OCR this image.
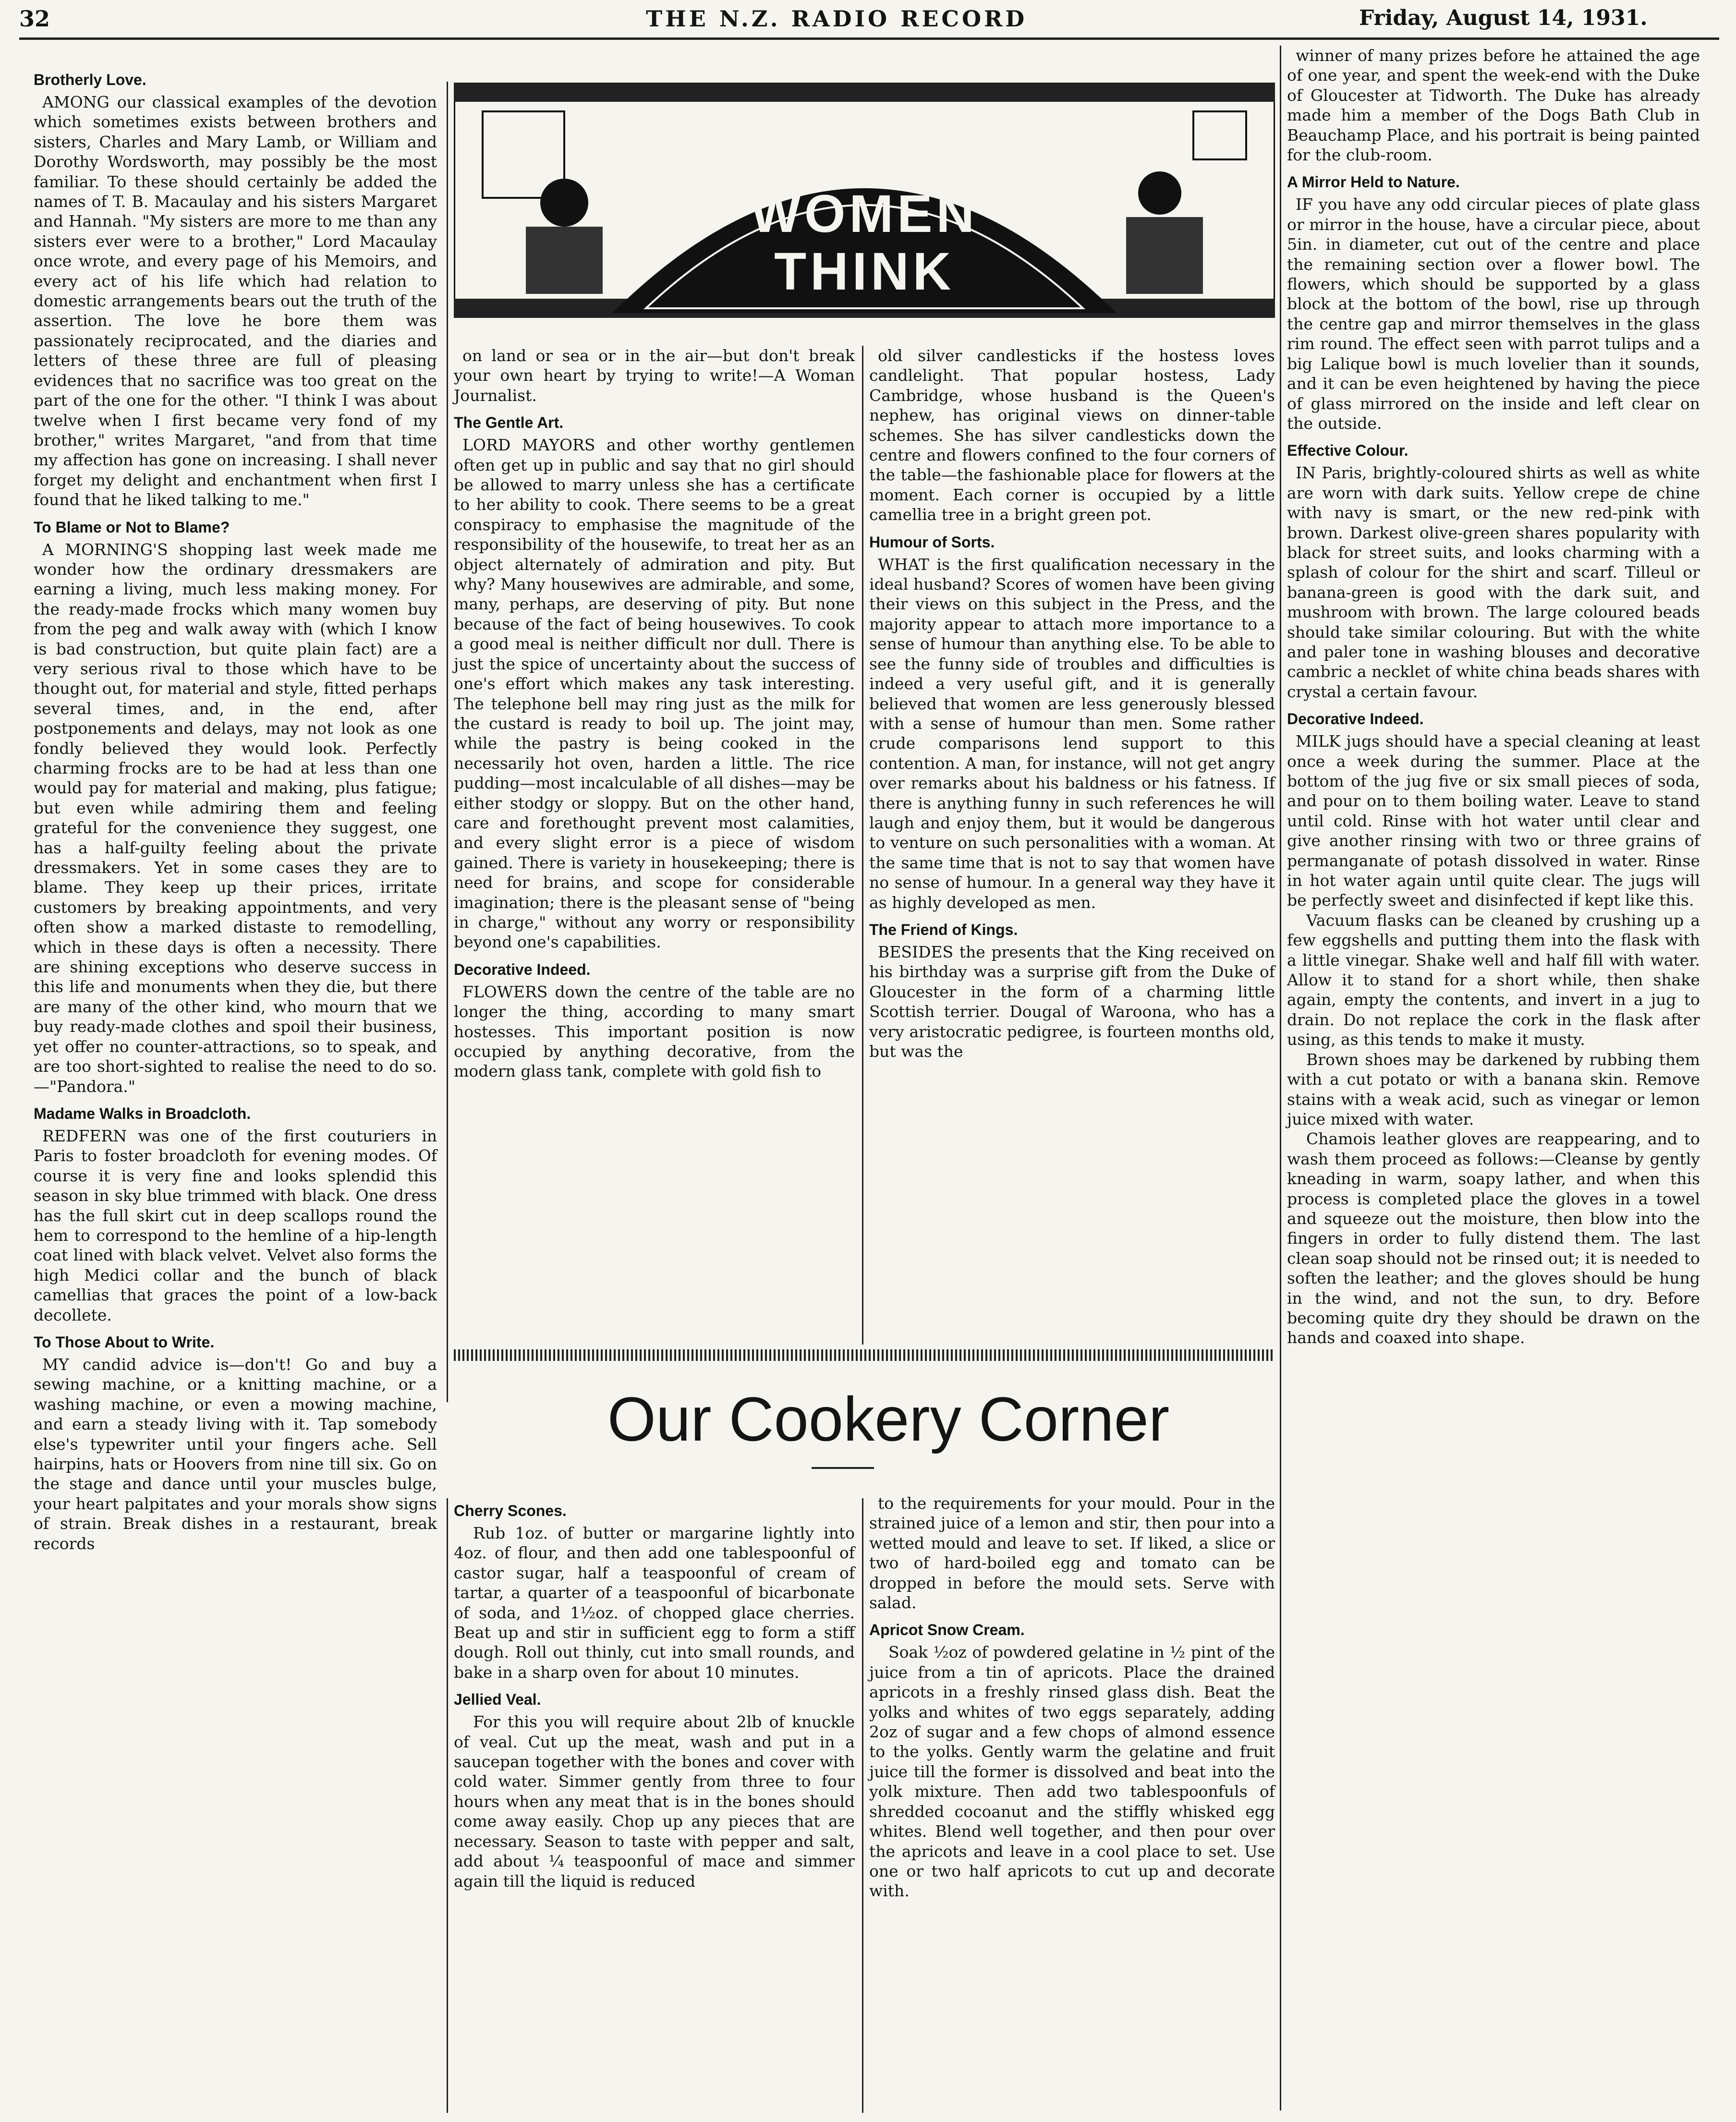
32	THE N.Z. RADIO RECORD	Friday, August 14, 1931.
WHAT WE
WOMEN
THINK
Brotherly Love.

AMONG our classical examples of the devotion which sometimes exists between brothers and sisters, Charles and Mary Lamb, or William and Dorothy Wordsworth, may possibly be the most familiar. To these should certainly be added the names of T. B. Macaulay and his sisters Margaret and Hannah. "My sisters are more to me than any sisters ever were to a brother," Lord Macaulay once wrote, and every page of his Memoirs, and every act of his life which had relation to domestic arrangements bears out the truth of the assertion. The love he bore them was passionately reciprocated, and the diaries and letters of these three are full of pleasing evidences that no sacrifice was too great on the part of the one for the other. "I think I was about twelve when I first became very fond of my brother," writes Margaret, "and from that time my affection has gone on increasing. I shall never forget my delight and enchantment when first I found that he liked talking to me."

To Blame or Not to Blame?

A MORNING'S shopping last week made me wonder how the ordinary dressmakers are earning a living, much less making money. For the ready-made frocks which many women buy from the peg and walk away with (which I know is bad construction, but quite plain fact) are a very serious rival to those which have to be thought out, for material and style, fitted perhaps several times, and, in the end, after postponements and delays, may not look as one fondly believed they would look. Perfectly charming frocks are to be had at less than one would pay for material and making, plus fatigue; but even while admiring them and feeling grateful for the convenience they suggest, one has a half-guilty feeling about the private dressmakers. Yet in some cases they are to blame. They keep up their prices, irritate customers by breaking appointments, and very often show a marked distaste to remodelling, which in these days is often a necessity. There are shining exceptions who deserve success in this life and monuments when they die, but there are many of the other kind, who mourn that we buy ready-made clothes and spoil their business, yet offer no counter-attractions, so to speak, and are too short-sighted to realise the need to do so.—"Pandora."

Madame Walks in Broadcloth.

REDFERN was one of the first couturiers in Paris to foster broadcloth for evening modes. Of course it is very fine and looks splendid this season in sky blue trimmed with black. One dress has the full skirt cut in deep scallops round the hem to correspond to the hemline of a hip-length coat lined with black velvet. Velvet also forms the high Medici collar and the bunch of black camellias that graces the point of a low-back decollete.

To Those About to Write.

MY candid advice is—don't! Go and buy a sewing machine, or a knitting machine, or a washing machine, or even a mowing machine, and earn a steady living with it. Tap somebody else's typewriter until your fingers ache. Sell hairpins, hats or Hoovers from nine till six. Go on the stage and dance until your muscles bulge, your heart palpitates and your morals show signs of strain. Break dishes in a restaurant, break records

on land or sea or in the air—but don't break your own heart by trying to write!—A Woman Journalist.

The Gentle Art.

LORD MAYORS and other worthy gentlemen often get up in public and say that no girl should be allowed to marry unless she has a certificate to her ability to cook. There seems to be a great conspiracy to emphasise the magnitude of the responsibility of the housewife, to treat her as an object alternately of admiration and pity. But why? Many housewives are admirable, and some, many, perhaps, are deserving of pity. But none because of the fact of being housewives. To cook a good meal is neither difficult nor dull. There is just the spice of uncertainty about the success of one's effort which makes any task interesting. The telephone bell may ring just as the milk for the custard is ready to boil up. The joint may, while the pastry is being cooked in the necessarily hot oven, harden a little. The rice pudding—most incalculable of all dishes—may be either stodgy or sloppy. But on the other hand, care and forethought prevent most calamities, and every slight error is a piece of wisdom gained. There is variety in housekeeping; there is need for brains, and scope for considerable imagination; there is the pleasant sense of "being in charge," without any worry or responsibility beyond one's capabilities.

Decorative Indeed.

FLOWERS down the centre of the table are no longer the thing, according to many smart hostesses. This important position is now occupied by anything decorative, from the modern glass tank, complete with gold fish to

old silver candlesticks if the hostess loves candlelight. That popular hostess, Lady Cambridge, whose husband is the Queen's nephew, has original views on dinner-table schemes. She has silver candlesticks down the centre and flowers confined to the four corners of the table—the fashionable place for flowers at the moment. Each corner is occupied by a little camellia tree in a bright green pot.

Humour of Sorts.

WHAT is the first qualification necessary in the ideal husband? Scores of women have been giving their views on this subject in the Press, and the majority appear to attach more importance to a sense of humour than anything else. To be able to see the funny side of troubles and difficulties is indeed a very useful gift, and it is generally believed that women are less generously blessed with a sense of humour than men. Some rather crude comparisons lend support to this contention. A man, for instance, will not get angry over remarks about his baldness or his fatness. If there is anything funny in such references he will laugh and enjoy them, but it would be dangerous to venture on such personalities with a woman. At the same time that is not to say that women have no sense of humour. In a general way they have it as highly developed as men.

The Friend of Kings.

BESIDES the presents that the King received on his birthday was a surprise gift from the Duke of Gloucester in the form of a charming little Scottish terrier. Dougal of Waroona, who has a very aristocratic pedigree, is fourteen months old, but was the

winner of many prizes before he attained the age of one year, and spent the week-end with the Duke of Gloucester at Tidworth. The Duke has already made him a member of the Dogs Bath Club in Beauchamp Place, and his portrait is being painted for the club-room.

A Mirror Held to Nature.

IF you have any odd circular pieces of plate glass or mirror in the house, have a circular piece, about 5in. in diameter, cut out of the centre and place the remaining section over a flower bowl. The flowers, which should be supported by a glass block at the bottom of the bowl, rise up through the centre gap and mirror themselves in the glass rim round. The effect seen with parrot tulips and a big Lalique bowl is much lovelier than it sounds, and it can be even heightened by having the piece of glass mirrored on the inside and left clear on the outside.

Effective Colour.

IN Paris, brightly-coloured shirts as well as white are worn with dark suits. Yellow crepe de chine with navy is smart, or the new red-pink with brown. Darkest olive-green shares popularity with black for street suits, and looks charming with a splash of colour for the shirt and scarf. Tilleul or banana-green is good with the dark suit, and mushroom with brown. The large coloured beads should take similar colouring. But with the white and paler tone in washing blouses and decorative cambric a necklet of white china beads shares with crystal a certain favour.

Decorative Indeed.

MILK jugs should have a special cleaning at least once a week during the summer. Place at the bottom of the jug five or six small pieces of soda, and pour on to them boiling water. Leave to stand until cold. Rinse with hot water until clear and give another rinsing with two or three grains of permanganate of potash dissolved in water. Rinse in hot water again until quite clear. The jugs will be perfectly sweet and disinfected if kept like this.

Vacuum flasks can be cleaned by crushing up a few eggshells and putting them into the flask with a little vinegar. Shake well and half fill with water. Allow it to stand for a short while, then shake again, empty the contents, and invert in a jug to drain. Do not replace the cork in the flask after using, as this tends to make it musty.

Brown shoes may be darkened by rubbing them with a cut potato or with a banana skin. Remove stains with a weak acid, such as vinegar or lemon juice mixed with water.

Chamois leather gloves are reappearing, and to wash them proceed as follows:—Cleanse by gently kneading in warm, soapy lather, and when this process is completed place the gloves in a towel and squeeze out the moisture, then blow into the fingers in order to fully distend them. The last clean soap should not be rinsed out; it is needed to soften the leather; and the gloves should be hung in the wind, and not the sun, to dry. Before becoming quite dry they should be drawn on the hands and coaxed into shape.

Our Cookery Corner
Cherry Scones.

Rub 1oz. of butter or margarine lightly into 4oz. of flour, and then add one tablespoonful of castor sugar, half a teaspoonful of cream of tartar, a quarter of a teaspoonful of bicarbonate of soda, and 1½oz. of chopped glace cherries. Beat up and stir in sufficient egg to form a stiff dough. Roll out thinly, cut into small rounds, and bake in a sharp oven for about 10 minutes.

Jellied Veal.

For this you will require about 2lb of knuckle of veal. Cut up the meat, wash and put in a saucepan together with the bones and cover with cold water. Simmer gently from three to four hours when any meat that is in the bones should come away easily. Chop up any pieces that are necessary. Season to taste with pepper and salt, add about ¼ teaspoonful of mace and simmer again till the liquid is reduced

to the requirements for your mould. Pour in the strained juice of a lemon and stir, then pour into a wetted mould and leave to set. If liked, a slice or two of hard-boiled egg and tomato can be dropped in before the mould sets. Serve with salad.

Apricot Snow Cream.

Soak ½oz of powdered gelatine in ½ pint of the juice from a tin of apricots. Place the drained apricots in a freshly rinsed glass dish. Beat the yolks and whites of two eggs separately, adding 2oz of sugar and a few chops of almond essence to the yolks. Gently warm the gelatine and fruit juice till the former is dissolved and beat into the yolk mixture. Then add two tablespoonfuls of shredded cocoanut and the stiffly whisked egg whites. Blend well together, and then pour over the apricots and leave in a cool place to set. Use one or two half apricots to cut up and decorate with.
